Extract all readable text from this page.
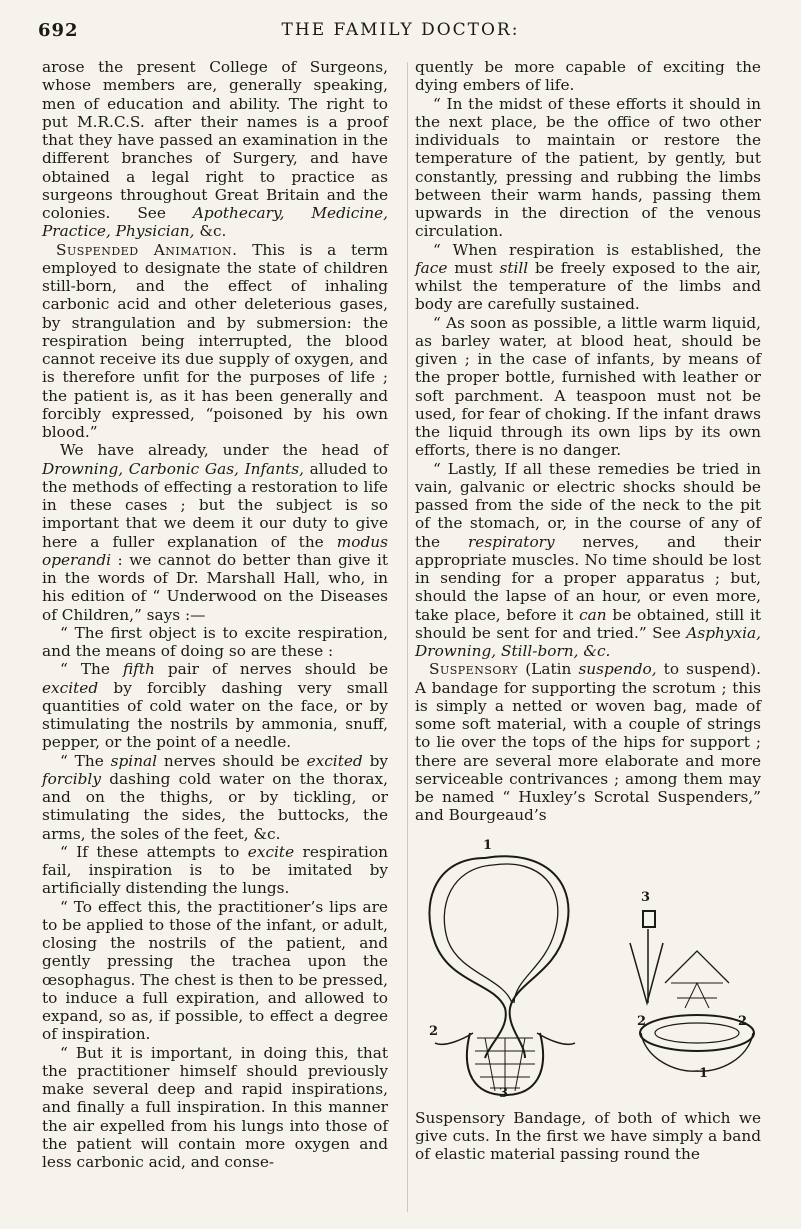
692	THE FAMILY DOCTOR:

arose the present College of Surgeons, whose members are, generally speaking, men of education and ability. The right to put M.R.C.S. after their names is a proof that they have passed an examination in the different branches of Surgery, and have obtained a legal right to practice as surgeons throughout Great Britain and the colonies. See Apothecary, Medicine, Practice, Physician, &c.

Suspended Animation. This is a term employed to designate the state of children still-born, and the effect of inhaling carbonic acid and other deleterious gases, by strangulation and by submersion: the respiration being interrupted, the blood cannot receive its due supply of oxygen, and is therefore unfit for the purposes of life ; the patient is, as it has been generally and forcibly expressed, “poisoned by his own blood.”

We have already, under the head of Drowning, Carbonic Gas, Infants, alluded to the methods of effecting a restoration to life in these cases ; but the subject is so important that we deem it our duty to give here a fuller explanation of the modus operandi : we cannot do better than give it in the words of Dr. Marshall Hall, who, in his edition of “ Underwood on the Diseases of Children,” says :—

“ The first object is to excite respiration, and the means of doing so are these :

“ The fifth pair of nerves should be excited by forcibly dashing very small quantities of cold water on the face, or by stimulating the nostrils by ammonia, snuff, pepper, or the point of a needle.

“ The spinal nerves should be excited by forcibly dashing cold water on the thorax, and on the thighs, or by tickling, or stimulating the sides, the buttocks, the arms, the soles of the feet, &c.

“ If these attempts to excite respiration fail, inspiration is to be imitated by artificially distending the lungs.

“ To effect this, the practitioner’s lips are to be applied to those of the infant, or adult, closing the nostrils of the patient, and gently pressing the trachea upon the œsophagus. The chest is then to be pressed, to induce a full expiration, and allowed to expand, so as, if possible, to effect a degree of inspiration.

“ But it is important, in doing this, that the practitioner himself should previously make several deep and rapid inspirations, and finally a full inspiration. In this manner the air expelled from his lungs into those of the patient will contain more oxygen and less carbonic acid, and conse-

quently be more capable of exciting the dying embers of life.

“ In the midst of these efforts it should in the next place, be the office of two other individuals to maintain or restore the temperature of the patient, by gently, but constantly, pressing and rubbing the limbs between their warm hands, passing them upwards in the direction of the venous circulation.

“ When respiration is established, the face must still be freely exposed to the air, whilst the temperature of the limbs and body are carefully sustained.

“ As soon as possible, a little warm liquid, as barley water, at blood heat, should be given ; in the case of infants, by means of the proper bottle, furnished with leather or soft parchment. A teaspoon must not be used, for fear of choking. If the infant draws the liquid through its own lips by its own efforts, there is no danger.

“ Lastly, If all these remedies be tried in vain, galvanic or electric shocks should be passed from the side of the neck to the pit of the stomach, or, in the course of any of the respiratory nerves, and their appropriate muscles. No time should be lost in sending for a proper apparatus ; but, should the lapse of an hour, or even more, take place, before it can be obtained, still it should be sent for and tried.” See Asphyxia, Drowning, Still-born, &c.

Suspensory (Latin suspendo, to suspend). A bandage for supporting the scrotum ; this is simply a netted or woven bag, made of some soft material, with a couple of strings to lie over the tops of the hips for support ; there are several more elaborate and more serviceable contrivances ; among them may be named “ Huxley’s Scrotal Suspenders,” and Bourgeaud’s

1
3
2
2	2
1
3

Suspensory Bandage, of both of which we give cuts. In the first we have simply a band of elastic material passing round the
